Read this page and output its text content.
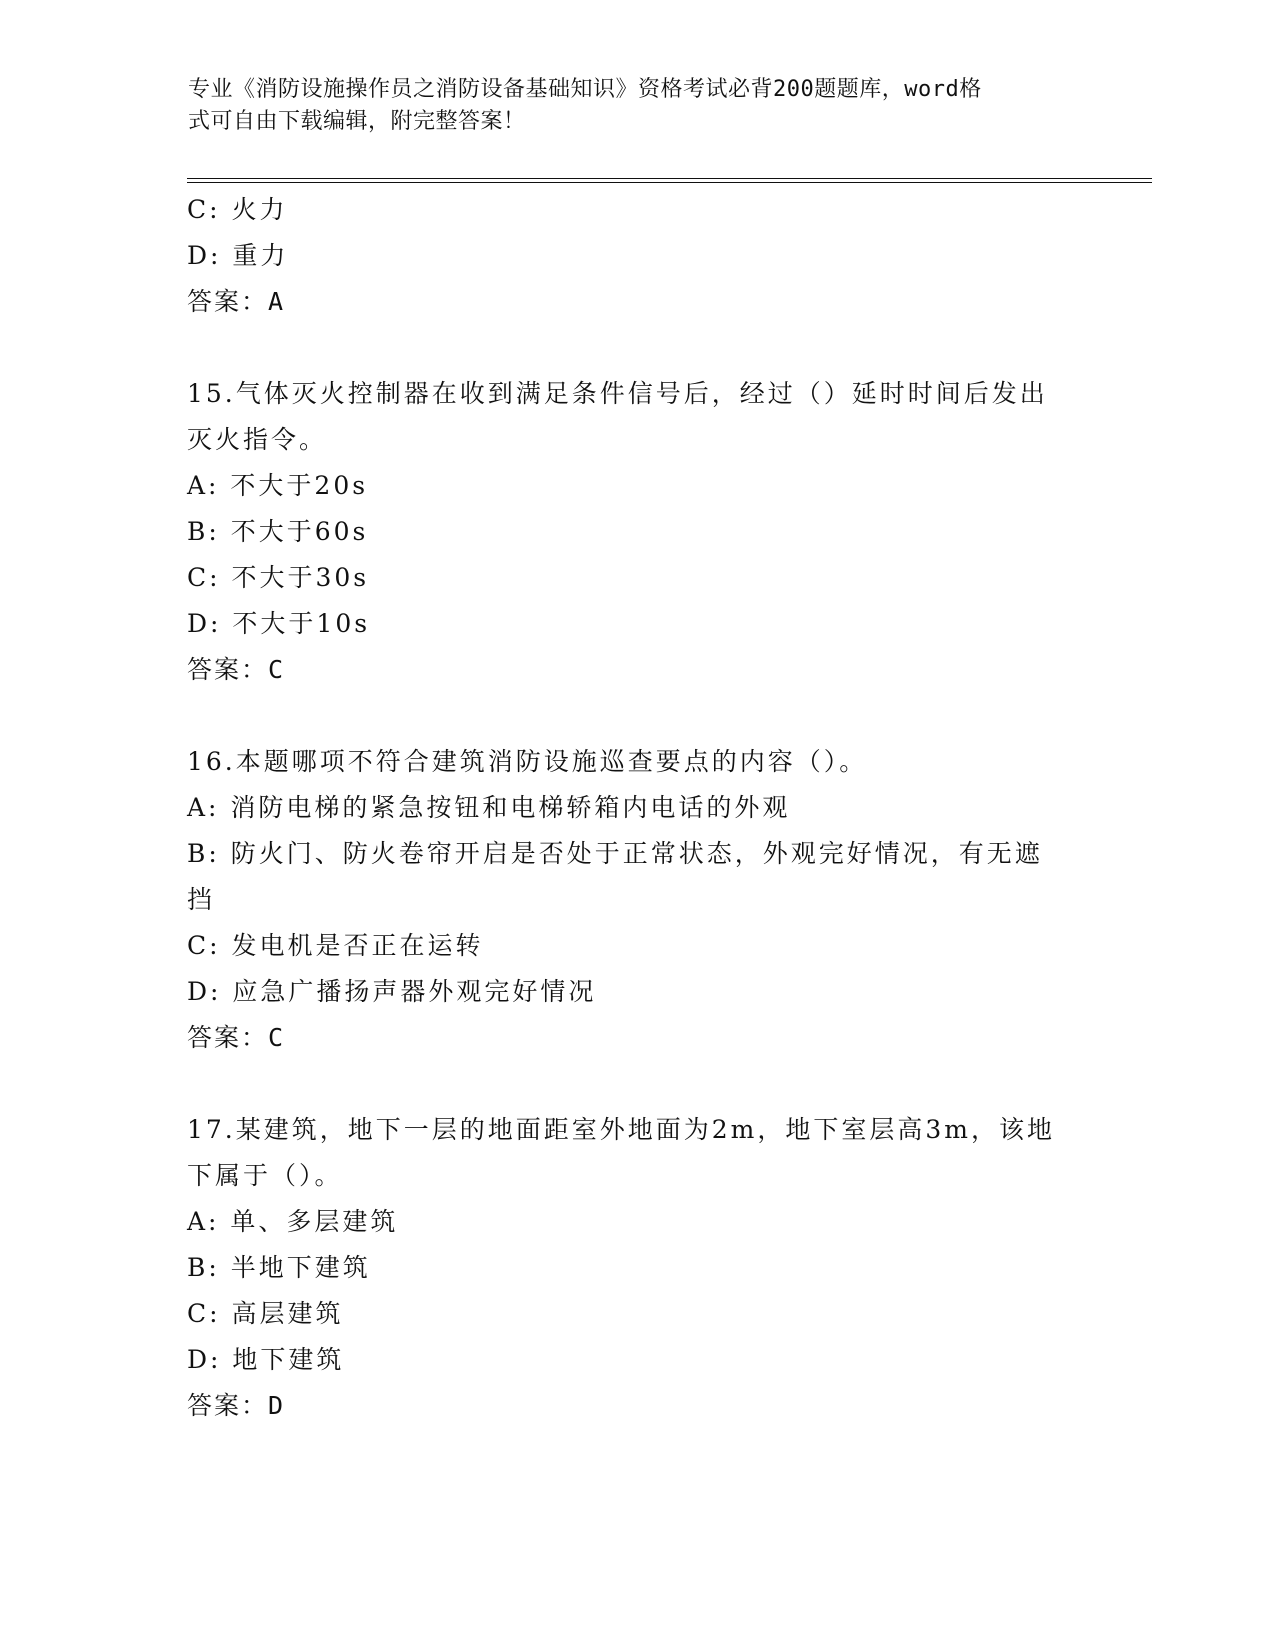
专业《消防设施操作员之消防设备基础知识》资格考试必背200题题库，word格
式可自由下载编辑，附完整答案！

C: 火力

D: 重力

答案：A

15.气体灭火控制器在收到满足条件信号后，经过（）延时时间后发出

灭火指令。

A: 不大于20s

B: 不大于60s

C: 不大于30s

D: 不大于10s

答案：C

16.本题哪项不符合建筑消防设施巡查要点的内容（）。

A: 消防电梯的紧急按钮和电梯轿箱内电话的外观

B: 防火门、防火卷帘开启是否处于正常状态，外观完好情况，有无遮

挡

C: 发电机是否正在运转

D: 应急广播扬声器外观完好情况

答案：C

17.某建筑，地下一层的地面距室外地面为2m，地下室层高3m，该地

下属于（）。

A: 单、多层建筑

B: 半地下建筑

C: 高层建筑

D: 地下建筑

答案：D
